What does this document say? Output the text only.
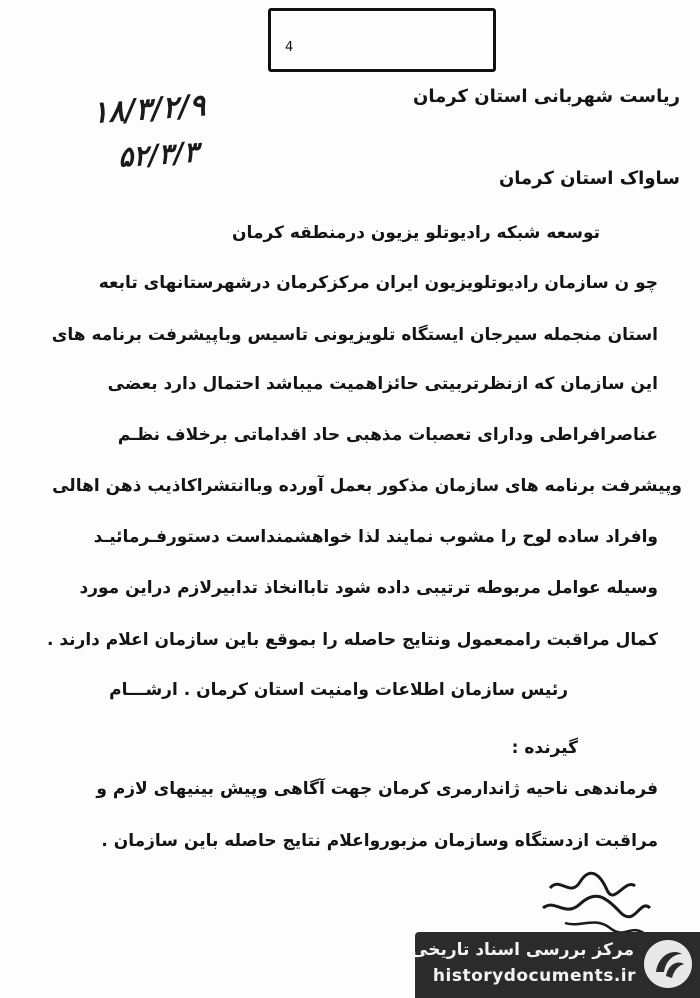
4
۱۸/۳/۲/۹
۵۲/۳/۳
ریاست شهربانی استان کرمان
ساواک استان کرمان
توسعه شبکه رادیوتلو یزیون درمنطقه کرمان
چو ن سازمان رادیوتلویزیون ایران مرکزکرمان درشهرستانهای تابعه
استان منجمله سیرجان ایستگاه تلویزیونی تاسیس وباپیشرفت برنامه های
این سازمان که ازنظرتربیتی حائزاهمیت میباشد احتمال دارد بعضی
عناصرافراطی ودارای تعصبات مذهبی حاد اقداماتی برخلاف نظـم
وپیشرفت برنامه های سازمان مذکور بعمل آورده وباانتشراکاذیب ذهن اهالی
وافراد ساده لوح را مشوب نمایند لذا خواهشمنداست دستورفـرمائیـد
وسیله عوامل مربوطه ترتیبی داده شود تاباانخاذ تدابیرلازم دراین مورد
کمال مراقبت راممعمول ونتایج حاصله را بموقع باین سازمان اعلام دارند .
رئیس سازمان اطلاعات وامنیت استان کرمان . ارشـــام
گیرنده :
فرماندهی ناحیه ژاندارمری کرمان جهت آگاهی وپیش بینیهای لازم و
مراقبت ازدستگاه وسازمان مزبورواعلام نتایج حاصله باین سازمان .
مرکز بررسی اسناد تاریخی
historydocuments.ir
